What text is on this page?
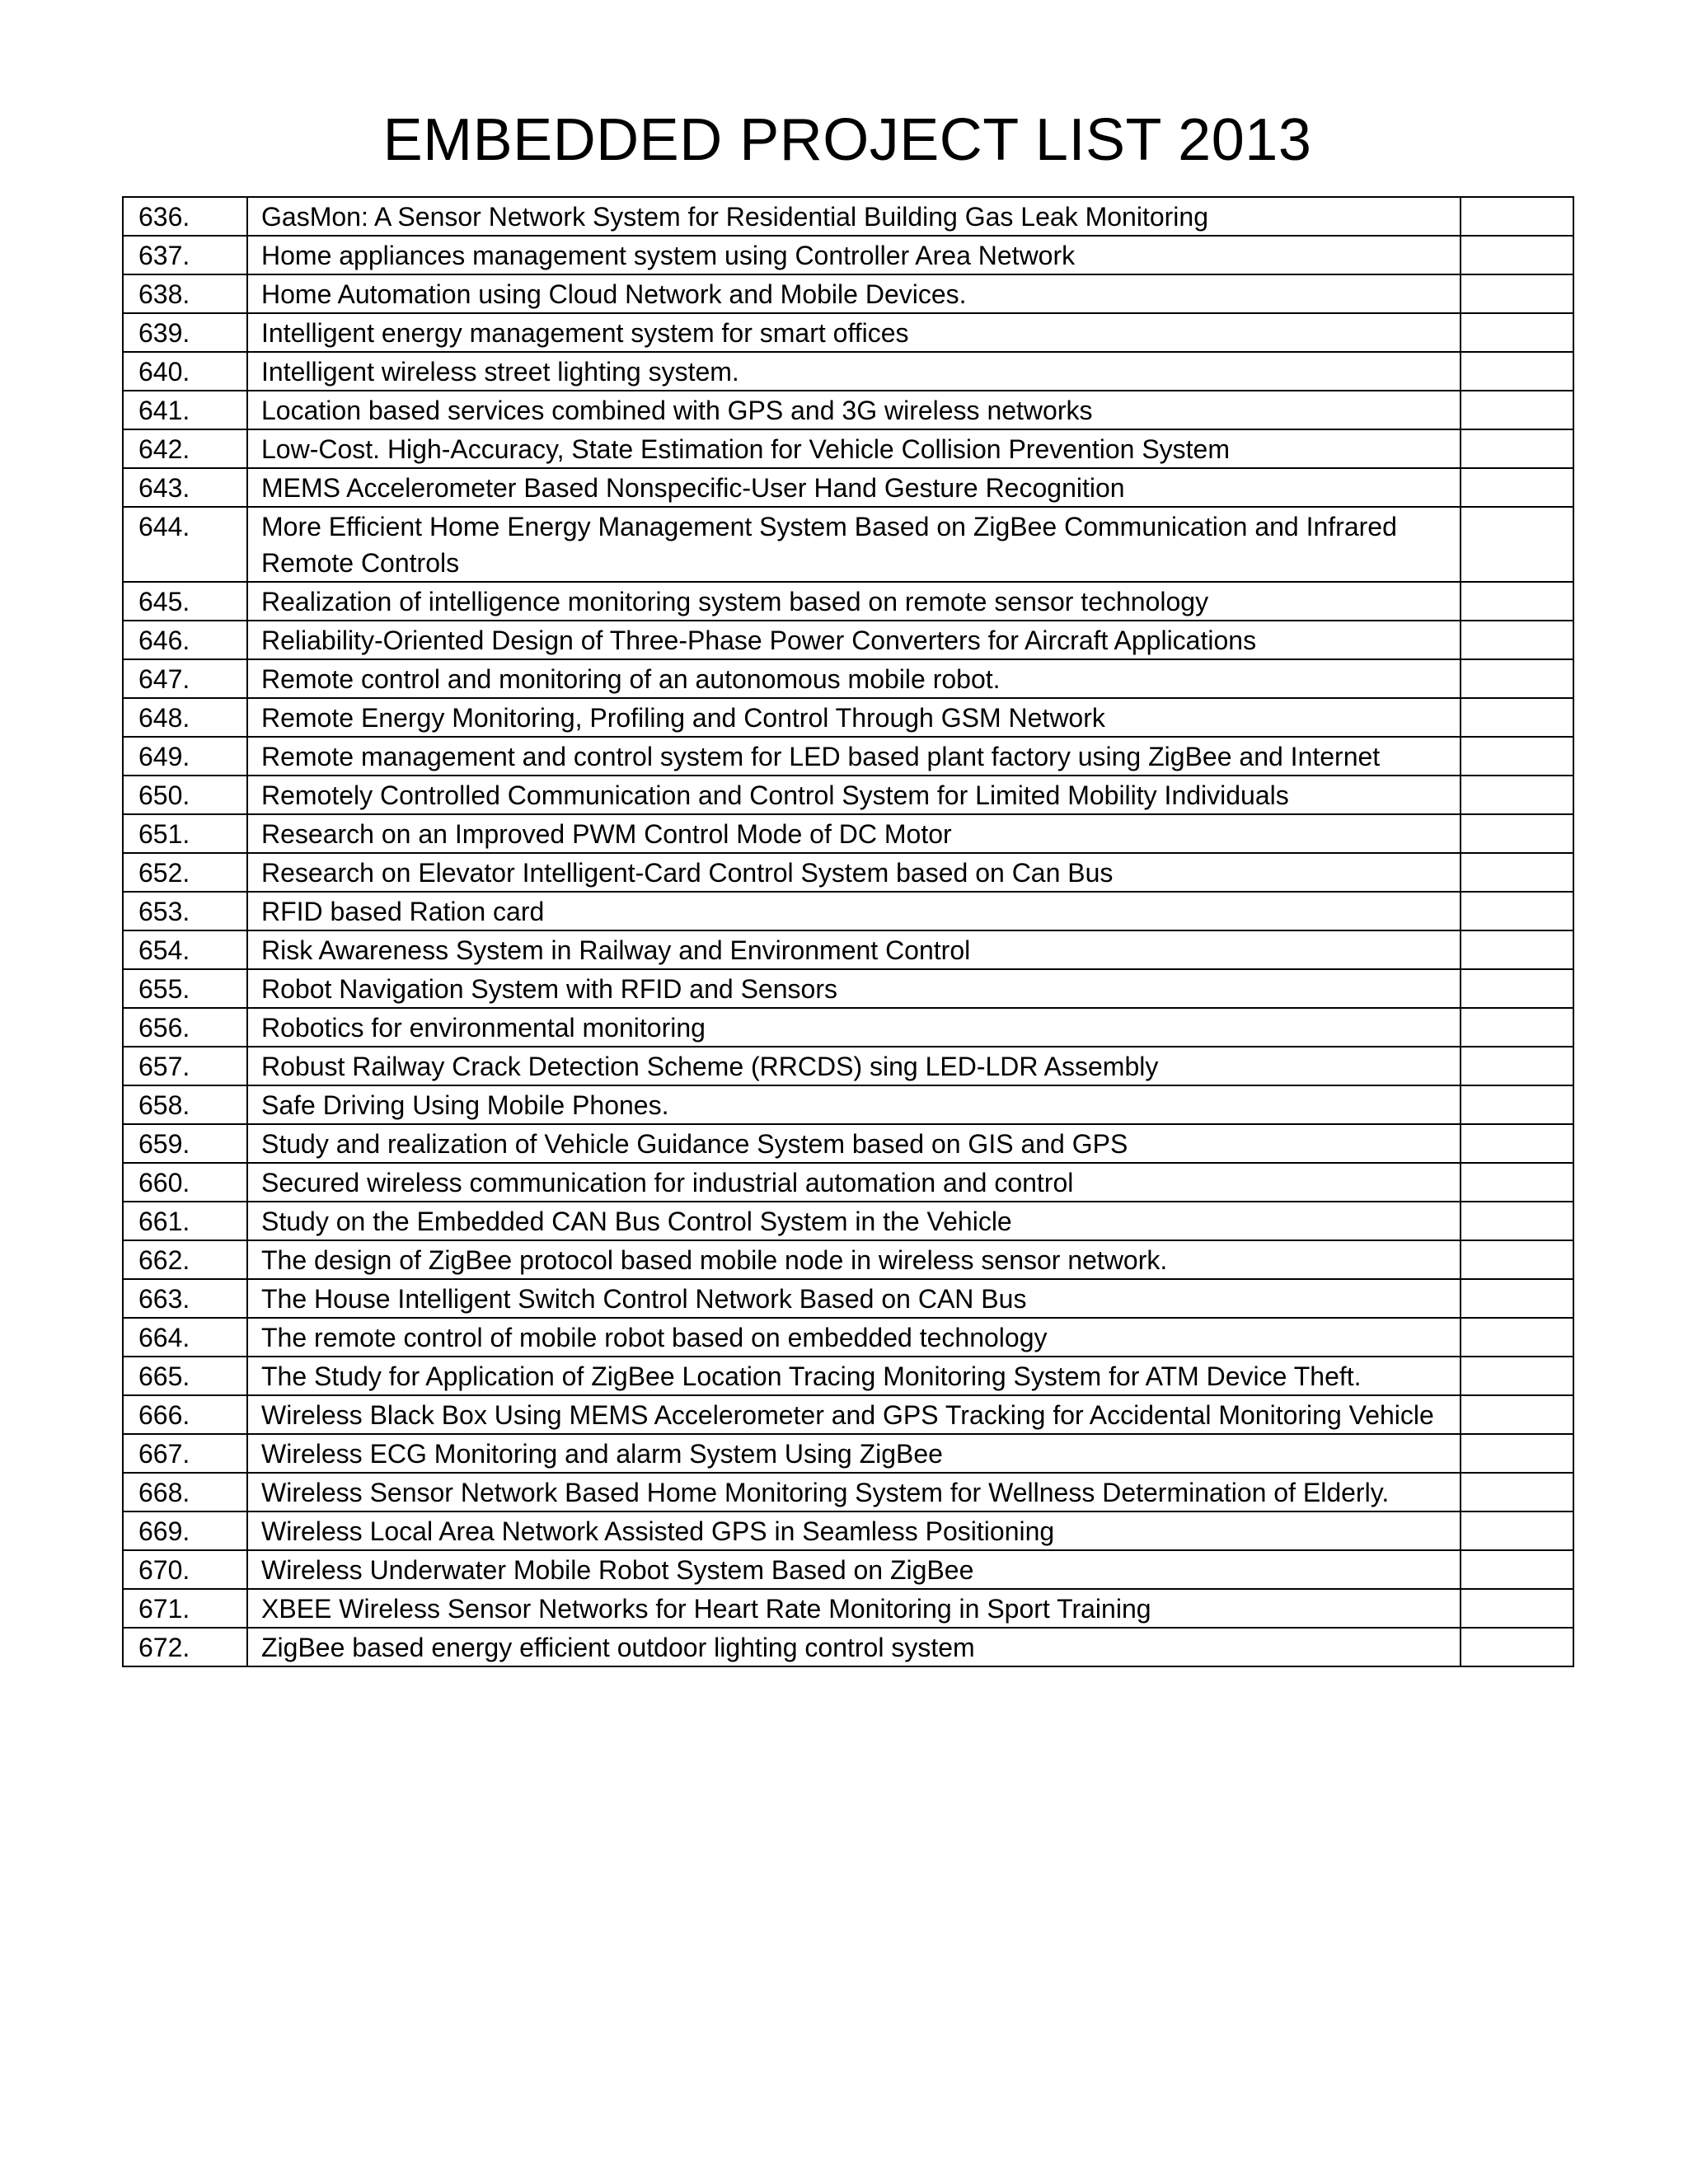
EMBEDDED PROJECT LIST 2013
636.	GasMon: A Sensor Network System for Residential Building Gas Leak Monitoring	
637.	Home appliances management system using Controller Area Network	
638.	Home Automation using Cloud Network and Mobile Devices.	
639.	Intelligent energy management system for smart offices	
640.	Intelligent wireless street lighting system.	
641.	Location based services combined with GPS and 3G wireless networks	
642.	Low-Cost. High-Accuracy, State Estimation for Vehicle Collision Prevention System	
643.	MEMS Accelerometer Based Nonspecific-User Hand Gesture Recognition	
644.	More Efficient Home Energy Management System Based on ZigBee Communication and Infrared Remote Controls	
645.	Realization of intelligence monitoring system based on remote sensor technology	
646.	Reliability-Oriented Design of Three-Phase Power Converters for Aircraft Applications	
647.	Remote control and monitoring of an autonomous mobile robot.	
648.	Remote Energy Monitoring, Profiling and Control Through GSM Network	
649.	Remote management and control system for LED based plant factory using ZigBee and Internet	
650.	Remotely Controlled Communication and Control System for Limited Mobility Individuals	
651.	Research on an Improved PWM Control Mode of DC Motor	
652.	Research on Elevator Intelligent-Card Control System based on Can Bus	
653.	RFID based Ration card	
654.	Risk Awareness System in Railway and Environment Control	
655.	Robot Navigation System with RFID and Sensors	
656.	Robotics for environmental monitoring	
657.	Robust Railway Crack Detection Scheme (RRCDS) sing LED-LDR Assembly	
658.	Safe Driving Using Mobile Phones.	
659.	Study and realization of Vehicle Guidance System based on GIS and GPS	
660.	Secured wireless communication for industrial automation and control	
661.	Study on the Embedded CAN Bus Control System in the Vehicle	
662.	The design of ZigBee protocol based mobile node in wireless sensor network.	
663.	The House Intelligent Switch Control Network Based on CAN Bus	
664.	The remote control of mobile robot based on embedded technology	
665.	The Study for Application of ZigBee Location Tracing Monitoring System for ATM Device Theft.	
666.	Wireless Black Box Using MEMS Accelerometer and GPS Tracking for Accidental Monitoring Vehicle	
667.	Wireless ECG Monitoring and alarm System Using ZigBee	
668.	Wireless Sensor Network Based Home Monitoring System for Wellness Determination of Elderly.	
669.	Wireless Local Area Network Assisted GPS in Seamless Positioning	
670.	Wireless Underwater Mobile Robot System Based on ZigBee	
671.	XBEE Wireless Sensor Networks for Heart Rate Monitoring in Sport Training	
672.	ZigBee based energy efficient outdoor lighting control system	
